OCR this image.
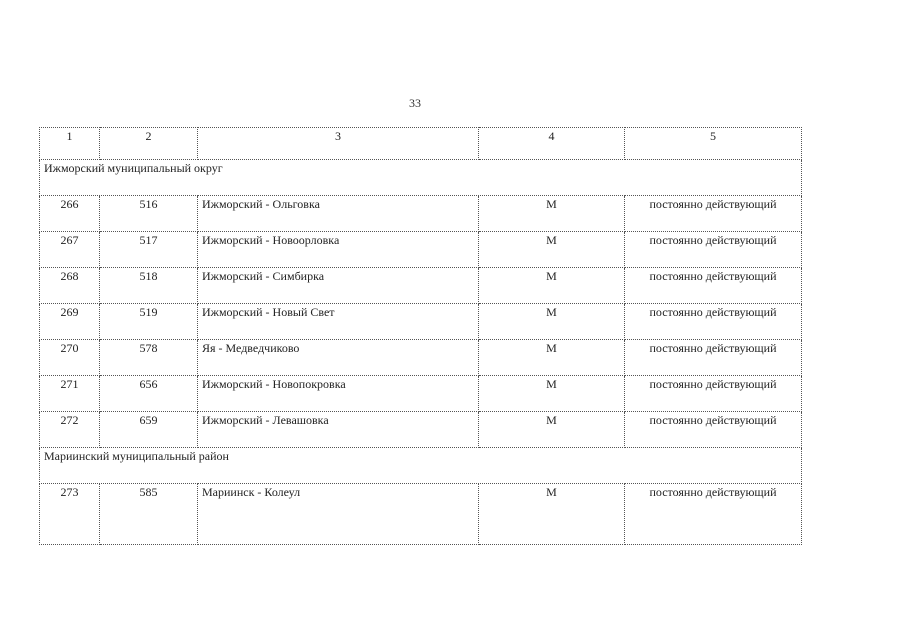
33
1	2	3	4	5
Ижморский муниципальный округ				
266	516	Ижморский - Ольговка	М	постоянно действующий
267	517	Ижморский - Новоорловка	М	постоянно действующий
268	518	Ижморский - Симбирка	М	постоянно действующий
269	519	Ижморский - Новый Свет	М	постоянно действующий
270	578	Яя - Медведчиково	М	постоянно действующий
271	656	Ижморский - Новопокровка	М	постоянно действующий
272	659	Ижморский - Левашовка	М	постоянно действующий
Мариинский муниципальный район				
273	585	Мариинск - Колеул	М	постоянно действующий
